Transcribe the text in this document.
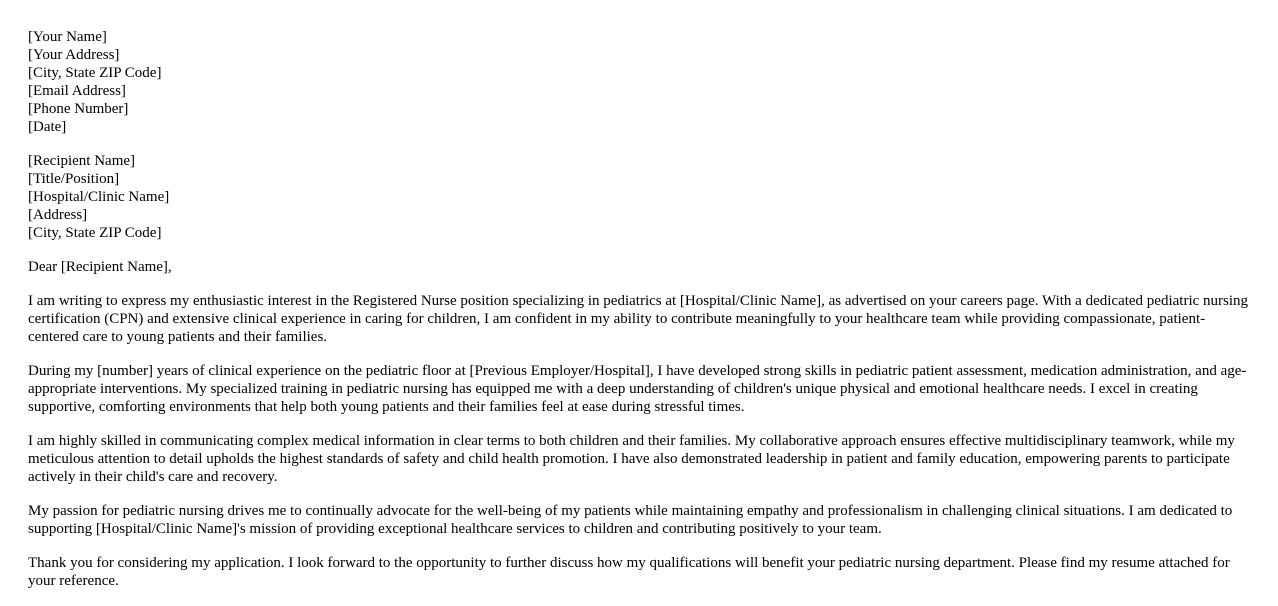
[Your Name]
[Your Address]
[City, State ZIP Code]
[Email Address]
[Phone Number]
[Date]
[Recipient Name]
[Title/Position]
[Hospital/Clinic Name]
[Address]
[City, State ZIP Code]

Dear [Recipient Name],

I am writing to express my enthusiastic interest in the Registered Nurse position specializing in pediatrics at [Hospital/Clinic Name], as advertised on your careers page. With a dedicated pediatric nursing certification (CPN) and extensive clinical experience in caring for children, I am confident in my ability to contribute meaningfully to your healthcare team while providing compassionate, patient-centered care to young patients and their families.

During my [number] years of clinical experience on the pediatric floor at [Previous Employer/Hospital], I have developed strong skills in pediatric patient assessment, medication administration, and age-appropriate interventions. My specialized training in pediatric nursing has equipped me with a deep understanding of children's unique physical and emotional healthcare needs. I excel in creating supportive, comforting environments that help both young patients and their families feel at ease during stressful times.

I am highly skilled in communicating complex medical information in clear terms to both children and their families. My collaborative approach ensures effective multidisciplinary teamwork, while my meticulous attention to detail upholds the highest standards of safety and child health promotion. I have also demonstrated leadership in patient and family education, empowering parents to participate actively in their child's care and recovery.

My passion for pediatric nursing drives me to continually advocate for the well-being of my patients while maintaining empathy and professionalism in challenging clinical situations. I am dedicated to supporting [Hospital/Clinic Name]'s mission of providing exceptional healthcare services to children and contributing positively to your team.

Thank you for considering my application. I look forward to the opportunity to further discuss how my qualifications will benefit your pediatric nursing department. Please find my resume attached for your reference.
